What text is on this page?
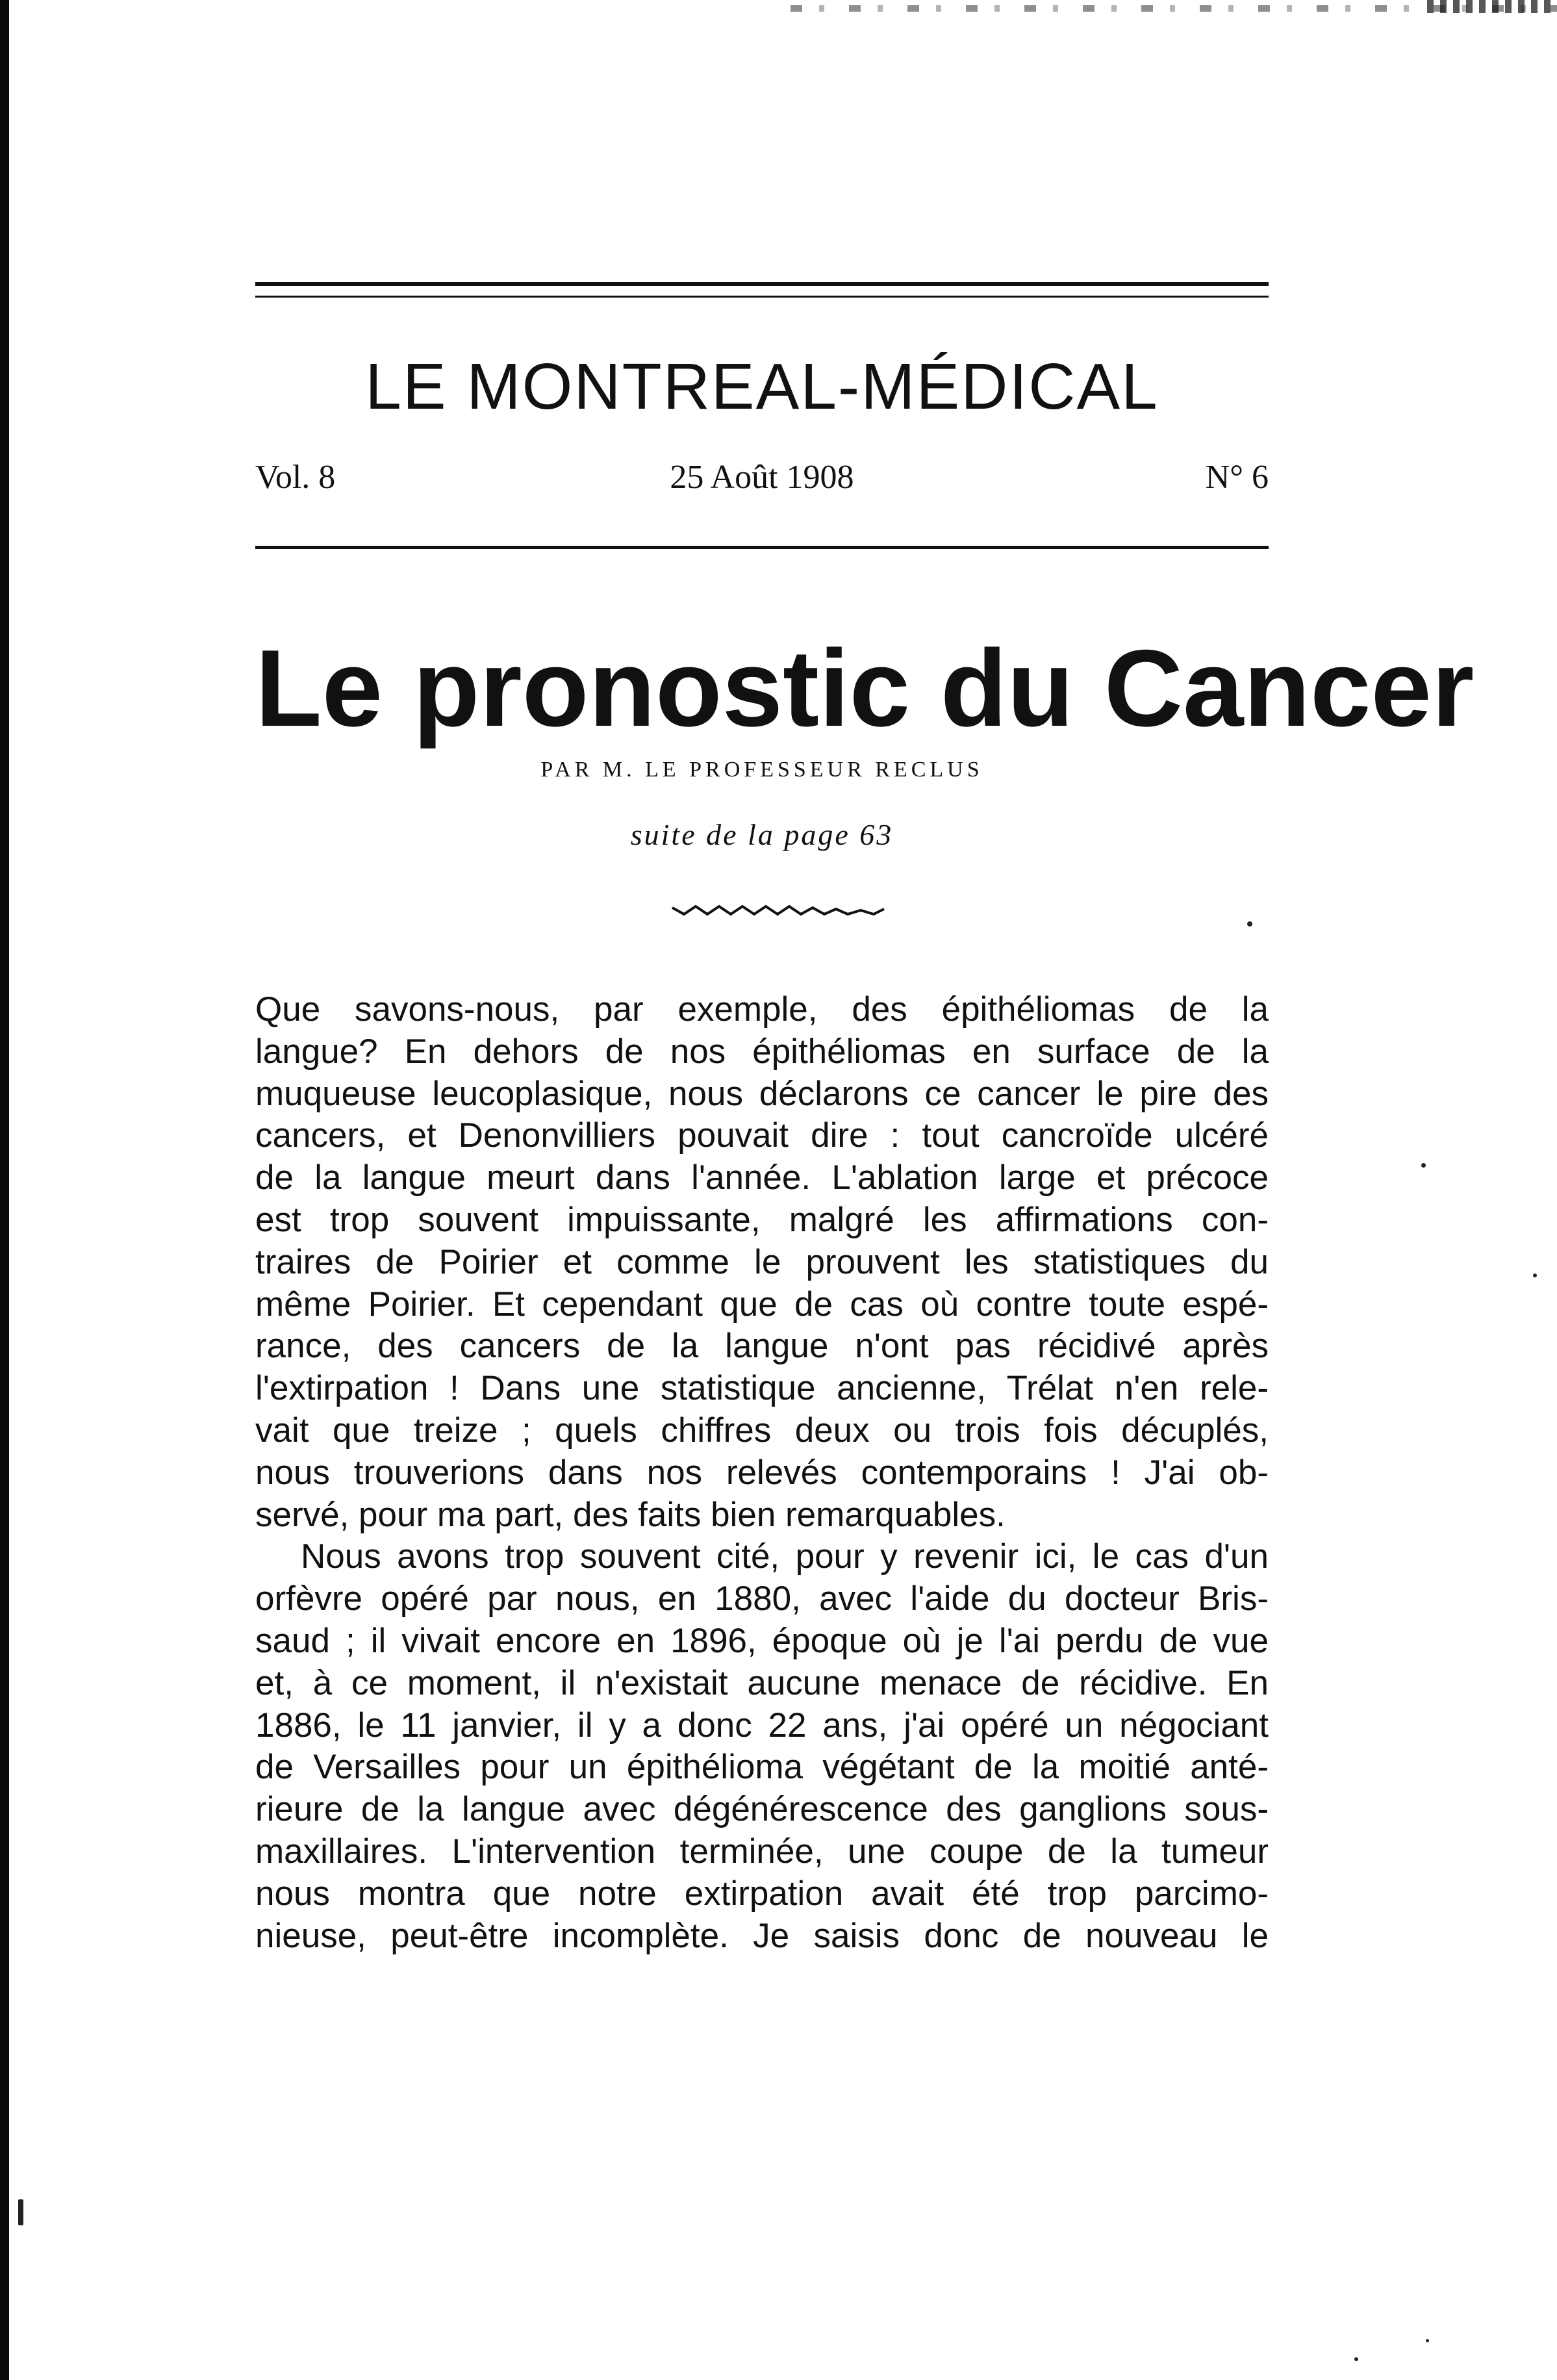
LE MONTREAL-MÉDICAL
Vol. 8	25 Août 1908	N° 6
Le pronostic du Cancer
PAR M. LE PROFESSEUR RECLUS
suite de la page 63
Que savons-nous, par exemple, des épithéliomas de la
langue? En dehors de nos épithéliomas en surface de la
muqueuse leucoplasique, nous déclarons ce cancer le pire des
cancers, et Denonvilliers pouvait dire : tout cancroïde ulcéré
de la langue meurt dans l'année. L'ablation large et précoce
est trop souvent impuissante, malgré les affirmations con-
traires de Poirier et comme le prouvent les statistiques du
même Poirier. Et cependant que de cas où contre toute espé-
rance, des cancers de la langue n'ont pas récidivé après
l'extirpation ! Dans une statistique ancienne, Trélat n'en rele-
vait que treize ; quels chiffres deux ou trois fois décuplés,
nous trouverions dans nos relevés contemporains ! J'ai ob-
servé, pour ma part, des faits bien remarquables.
Nous avons trop souvent cité, pour y revenir ici, le cas d'un
orfèvre opéré par nous, en 1880, avec l'aide du docteur Bris-
saud ; il vivait encore en 1896, époque où je l'ai perdu de vue
et, à ce moment, il n'existait aucune menace de récidive. En
1886, le 11 janvier, il y a donc 22 ans, j'ai opéré un négociant
de Versailles pour un épithélioma végétant de la moitié anté-
rieure de la langue avec dégénérescence des ganglions sous-
maxillaires. L'intervention terminée, une coupe de la tumeur
nous montra que notre extirpation avait été trop parcimo-
nieuse, peut-être incomplète. Je saisis donc de nouveau le
